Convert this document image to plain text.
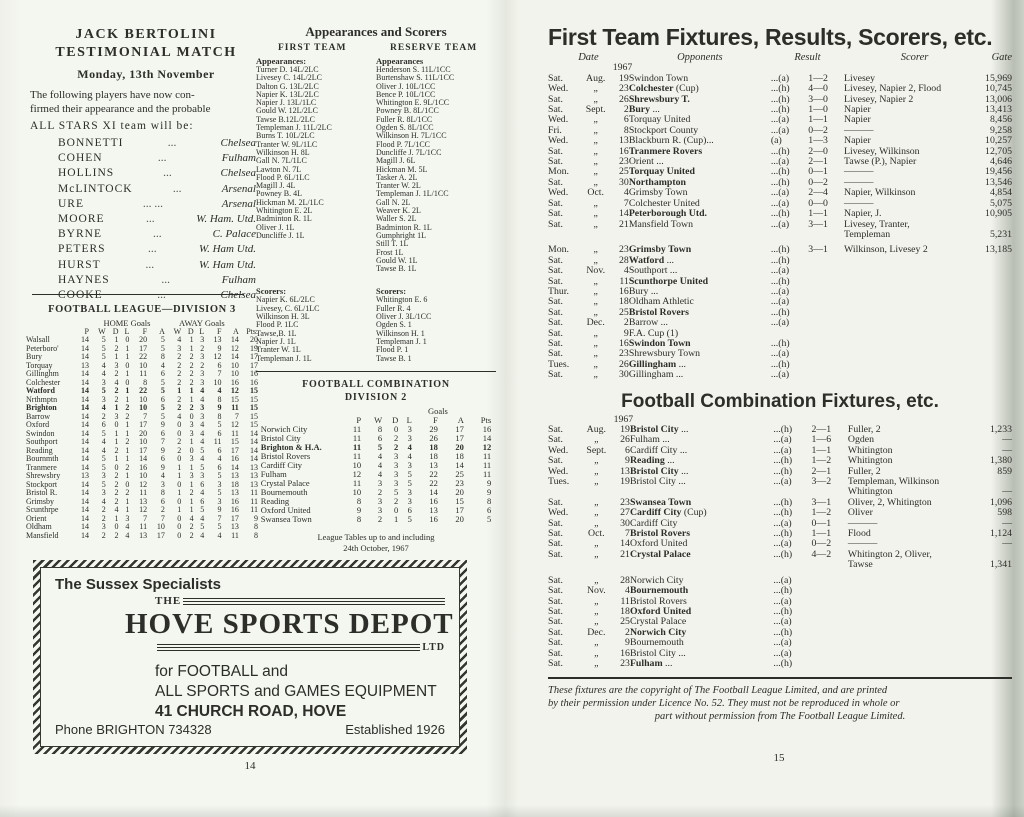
JACK BERTOLINI
TESTIMONIAL MATCH
Monday, 13th November
The following players have now con-
firmed their appearance and the probable
ALL STARS XI team will be:
BONNETTI	...	Chelsea
COHEN	...	Fulham
HOLLINS	...	Chelsea
McLINTOCK	...	Arsenal
URE	... ...	Arsenal
MOORE	...	W. Ham. Utd.
BYRNE	...	C. Palace
PETERS	...	W. Ham Utd.
HURST	...	W. Ham Utd.
HAYNES	...	Fulham
COOKE	...	Chelsea
FOOTBALL LEAGUE—DIVISION 3
		HOME Goals					AWAY Goals					
	P	W	D	L	F	A	W	D	L	F	A	Pts.
Walsall	14	5	1	0	20	5	4	1	3	13	14	20
Peterboro'	14	5	2	1	17	5	3	1	2	9	12	19
Bury	14	5	1	1	22	8	2	2	3	12	14	17
Torquay	13	4	3	0	10	4	2	2	2	6	10	17
Gillinghm	14	4	2	1	11	6	2	2	3	7	10	16
Colchester	14	3	4	0	8	5	2	2	3	10	16	16
Watford	14	5	2	1	22	5	1	1	4	4	12	15
Nrthmptn	14	3	2	1	10	6	2	1	4	8	15	15
Brighton	14	4	1	2	10	5	2	2	3	9	11	15
Barrow	14	2	3	2	7	5	4	0	3	8	7	15
Oxford	14	6	0	1	17	9	0	3	4	5	12	15
Swindon	14	5	1	1	20	6	0	3	4	6	11	14
Southport	14	4	1	2	10	7	2	1	4	11	15	14
Reading	14	4	2	1	17	9	2	0	5	6	17	14
Bournmth	14	5	1	1	14	6	0	3	4	4	16	14
Tranmere	14	5	0	2	16	9	1	1	5	6	14	13
Shrewsbry	13	3	2	1	10	4	1	3	3	5	13	13
Stockport	14	5	2	0	12	3	0	1	6	3	18	13
Bristol R.	14	3	2	2	11	8	1	2	4	5	13	11
Grimsby	14	4	2	1	13	6	0	1	6	3	16	11
Scunthrpe	14	2	4	1	12	2	1	1	5	9	16	11
Orient	14	2	1	3	7	7	0	4	4	7	17	9
Oldham	14	3	0	4	11	10	0	2	5	5	13	8
Mansfield	14	2	2	4	13	17	0	2	4	4	11	8
Appearances and Scorers
FIRST TEAM
Appearances:
Turner D. 14L/2LC
Livesey C. 14L/2LC
Dalton G. 13L/2LC
Napier K. 13L/2LC
Napier J. 13L/1LC
Gould W. 12L/2LC
Tawse B.12L/2LC
Templeman J. 11L/2LC
Burns T. 10L/2LC
Tranter W. 9L/1LC
Wilkinson H. 8L
Gall N. 7L/1LC
Lawton N. 7L
Flood P. 6L/1LC
Magill J. 4L
Powney B. 4L
Hickman M. 2L/1LC
Whitington E. 2L
Badminton R. 1L
Oliver J. 1L
Duncliffe J. 1L
RESERVE TEAM
Appearances
Henderson S. 11L/1CC
Burtenshaw S. 11L/1CC
Oliver J. 10L/1CC
Bence P. 10L/1CC
Whitington E. 9L/1CC
Powney B. 8L/1CC
Fuller R. 8L/1CC
Ogden S. 8L/1CC
Wilkinson H. 7L/1CC
Flood P. 7L/1CC
Duncliffe J. 7L/1CC
Magill J. 6L
Hickman M. 5L
Tasker A. 2L
Tranter W. 2L
Templeman J. 1L/1CC
Gall N. 2L
Weaver K. 2L
Waller S. 2L
Badminton R. 1L
Gumphright 1L
Still T. 1L
Frost 1L
Gould W. 1L
Tawse B. 1L
Scorers:
Napier K. 6L/2LC
Livesey, C. 6L/1LC
Wilkinson H. 3L
Flood P. 1LC
Tawse,B. 1L
Napier J. 1L
Tranter W. 1L
Templeman J. 1L
Scorers:
Whitington E. 6
Fuller R. 4
Oliver J. 3L/1CC
Ogden S. 1
Wilkinson H. 1
Templeman J. 1
Flood P. 1
Tawse B. 1
FOOTBALL COMBINATION
DIVISION 2
					Goals		
	P	W	D	L	F	A	Pts
Norwich City	11	8	0	3	29	17	16
Bristol City	11	6	2	3	26	17	14
Brighton & H.A.	11	5	2	4	18	20	12
Bristol Rovers	11	4	3	4	18	18	11
Cardiff City	10	4	3	3	13	14	11
Fulham	12	4	3	5	22	25	11
Crystal Palace	11	3	3	5	22	23	9
Bournemouth	10	2	5	3	14	20	9
Reading	8	3	2	3	16	15	8
Oxford United	9	3	0	6	13	17	6
Swansea Town	8	2	1	5	16	20	5
League Tables up to and including
24th October, 1967
The Sussex Specialists
THE
HOVE SPORTS DEPOT
LTD
for FOOTBALL and
ALL SPORTS and GAMES EQUIPMENT
41 CHURCH ROAD, HOVE
Phone BRIGHTON 734328	Established 1926
14
First Team Fixtures, Results, Scorers, etc.
Date			Opponents	Result		Scorer	Gate
		1967					
Sat.	Aug.	19	Swindon Town	...(a)	1—2	Livesey	15,969
Wed.	„	23	Colchester (Cup)	...(h)	4—0	Livesey, Napier 2, Flood	10,745
Sat.	„	26	Shrewsbury T.	...(h)	3—0	Livesey, Napier 2	13,006
Sat.	Sept.	2	Bury ...	...(h)	1—0	Napier	13,413
Wed.	„	6	Torquay United	...(a)	1—1	Napier	8,456
Fri.	„	8	Stockport County	...(a)	0—2	———	9,258
Wed.	„	13	Blackburn R. (Cup)...	(a)	1—3	Napier	10,257
Sat.	„	16	Tranmere Rovers	...(h)	2—0	Livesey, Wilkinson	12,705
Sat.	„	23	Orient ...	...(a)	2—1	Tawse (P.), Napier	4,646
Mon.	„	25	Torquay United	...(h)	0—1	———	19,456
Sat.	„	30	Northampton	...(h)	0—2	———	13,546
Wed.	Oct.	4	Grimsby Town	...(a)	2—4	Napier, Wilkinson	4,854
Sat.	„	7	Colchester United	...(a)	0—0	———	5,075
Sat.	„	14	Peterborough Utd.	...(h)	1—1	Napier, J.	10,905
Sat.	„	21	Mansfield Town	...(a)	3—1	Livesey, Tranter,	
						Templeman	5,231
Mon.	„	23	Grimsby Town	...(h)	3—1	Wilkinson, Livesey 2	13,185
Sat.	„	28	Watford ...	...(h)			
Sat.	Nov.	4	Southport ...	...(a)			
Sat.	„	11	Scunthorpe United	...(h)			
Thur.	„	16	Bury ...	...(a)			
Sat.	„	18	Oldham Athletic	...(a)			
Sat.	„	25	Bristol Rovers	...(h)			
Sat.	Dec.	2	Barrow ...	...(a)			
Sat.	„	9	F.A. Cup (1)				
Sat.	„	16	Swindon Town	...(h)			
Sat.	„	23	Shrewsbury Town	...(a)			
Tues.	„	26	Gillingham ...	...(h)			
Sat.	„	30	Gillingham ...	...(a)			
Football Combination Fixtures, etc.
		1967					
Sat.	Aug.	19	Bristol City ...	...(h)	2—1	Fuller, 2	1,233
Sat.	„	26	Fulham ...	...(a)	1—6	Ogden	—
Wed.	Sept.	6	Cardiff City ...	...(a)	1—1	Whitington	—
Sat.	„	9	Reading ...	...(h)	1—2	Whitington	1,380
Wed.	„	13	Bristol City ...	...(h)	2—1	Fuller, 2	859
Tues.	„	19	Bristol City ...	...(a)	3—2	Templeman, Wilkinson	
						Whitington	—
Sat.	„	23	Swansea Town	...(h)	3—1	Oliver, 2, Whitington	1,096
Wed.	„	27	Cardiff City (Cup)	...(h)	1—2	Oliver	598
Sat.	„	30	Cardiff City	...(a)	0—1	———	—
Sat.	Oct.	7	Bristol Rovers	...(h)	1—1	Flood	1,124
Sat.	„	14	Oxford United	...(a)	0—2	———	—
Sat.	„	21	Crystal Palace	...(h)	4—2	Whitington 2, Oliver,	
						Tawse	1,341
Sat.	„	28	Norwich City	...(a)			
Sat.	Nov.	4	Bournemouth	...(h)			
Sat.	„	11	Bristol Rovers	...(a)			
Sat.	„	18	Oxford United	...(h)			
Sat.	„	25	Crystal Palace	...(a)			
Sat.	Dec.	2	Norwich City	...(h)			
Sat.	„	9	Bournemouth	...(a)			
Sat.	„	16	Bristol City ...	...(a)			
Sat.	„	23	Fulham ...	...(h)			
These fixtures are the copyright of The Football League Limited, and are printed
by their permission under Licence No. 52. They must not be reproduced in whole or
part without permission from The Football League Limited.
15
